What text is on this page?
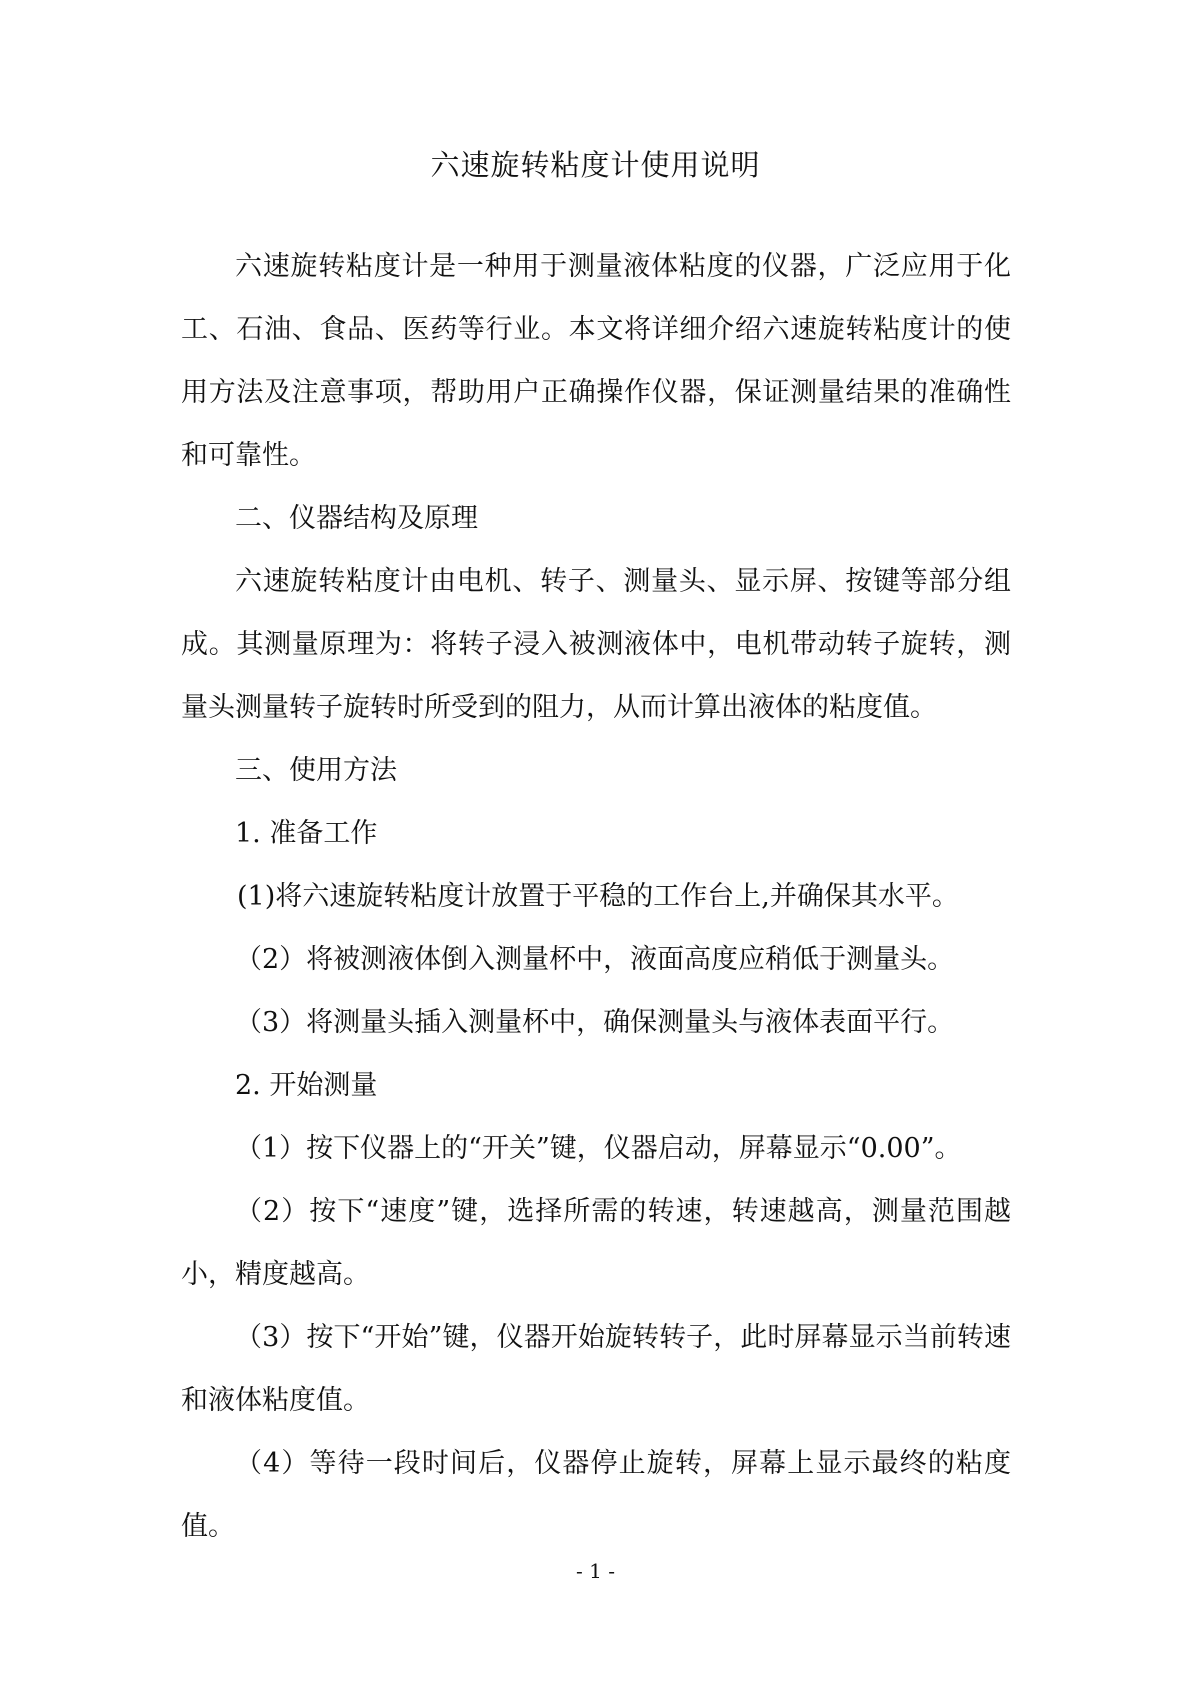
六速旋转粘度计使用说明

六速旋转粘度计是一种用于测量液体粘度的仪器，广泛应用于化工、石油、食品、医药等行业。本文将详细介绍六速旋转粘度计的使用方法及注意事项，帮助用户正确操作仪器，保证测量结果的准确性和可靠性。

二、仪器结构及原理

六速旋转粘度计由电机、转子、测量头、显示屏、按键等部分组成。其测量原理为：将转子浸入被测液体中，电机带动转子旋转，测量头测量转子旋转时所受到的阻力，从而计算出液体的粘度值。

三、使用方法

1. 准备工作

(1)将六速旋转粘度计放置于平稳的工作台上,并确保其水平。

（2）将被测液体倒入测量杯中，液面高度应稍低于测量头。

（3）将测量头插入测量杯中，确保测量头与液体表面平行。

2. 开始测量

（1）按下仪器上的“开关”键，仪器启动，屏幕显示“0.00”。

（2）按下“速度”键，选择所需的转速，转速越高，测量范围越小，精度越高。

（3）按下“开始”键，仪器开始旋转转子，此时屏幕显示当前转速和液体粘度值。

（4）等待一段时间后，仪器停止旋转，屏幕上显示最终的粘度值。

- 1 -
